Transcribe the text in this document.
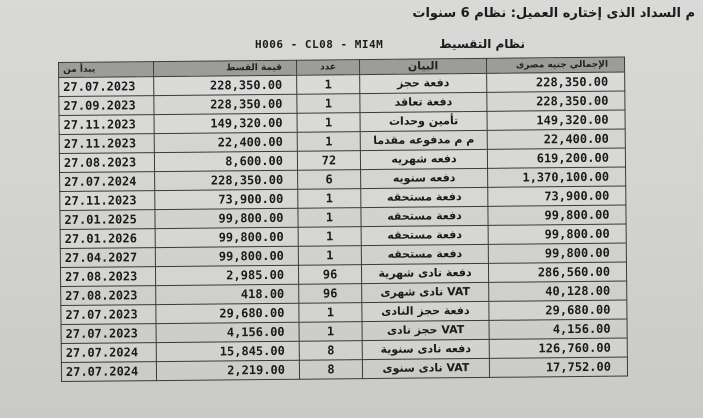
م السداد الذى إختاره العميل: نظام 6 سنوات
H006 - CL08 - MI4M	نظام التقسيط
يبدأ من	قيمة القسط	عدد	البيان	الإجمالي جنيه مصرى
27.07.2023	228,350.00	1	دفعة حجز	228,350.00
27.09.2023	228,350.00	1	دفعة تعاقد	228,350.00
27.11.2023	149,320.00	1	تأمين وحدات	149,320.00
27.11.2023	22,400.00	1	م م مدفوعه مقدما	22,400.00
27.08.2023	8,600.00	72	دفعه شهريه	619,200.00
27.07.2024	228,350.00	6	دفعه سنويه	1,370,100.00
27.11.2023	73,900.00	1	دفعة مستحقه	73,900.00
27.01.2025	99,800.00	1	دفعة مستحقه	99,800.00
27.01.2026	99,800.00	1	دفعة مستحقه	99,800.00
27.04.2027	99,800.00	1	دفعة مستحقه	99,800.00
27.08.2023	2,985.00	96	دفعة نادى شهرية	286,560.00
27.08.2023	418.00	96	VAT نادى شهرى	40,128.00
27.07.2023	29,680.00	1	دفعة حجز النادى	29,680.00
27.07.2023	4,156.00	1	VAT حجز نادى	4,156.00
27.07.2024	15,845.00	8	دفعه نادى سنوية	126,760.00
27.07.2024	2,219.00	8	VAT نادى سنوى	17,752.00
